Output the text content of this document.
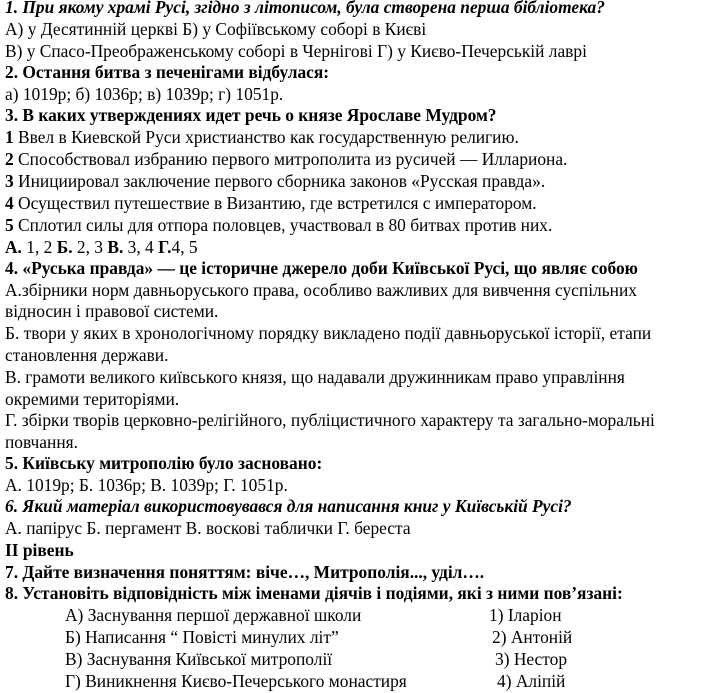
1. При якому храмі Русі, згідно з літописом, була створена перша бібліотека?
А) у Десятинній церкві Б) у Софіївському соборі в Києві
В) у Спасо-Преображенському соборі в Чернігові Г) у Києво-Печерській лаврі
2. Остання битва з печенігами відбулася:
а) 1019р; б) 1036р; в) 1039р; г) 1051р.
3. В каких утверждениях идет речь о князе Ярославе Мудром?
1 Ввел в Киевской Руси христианство как государственную религию.
2 Способствовал избранию первого митрополита из русичей — Иллариона.
3 Инициировал заключение первого сборника законов «Русская правда».
4 Осуществил путешествие в Византию, где встретился с императором.
5 Сплотил силы для отпора половцев, участвовал в 80 битвах против них.
А. 1, 2 Б. 2, 3 В. 3, 4 Г.4, 5
4. «Руська правда» — це історичне джерело доби Київської Русі, що являє собою
А.збірники норм давньоруського права, особливо важливих для вивчення суспільних
відносин і правової системи.
Б. твори у яких в хронологічному порядку викладено події давньоруської історії, етапи
становлення держави.
В. грамоти великого київського князя, що надавали дружинникам право управління
окремими територіями.
Г. збірки творів церковно-релігійного, публіцистичного характеру та загально-моральні
повчання.
5. Київську митрополію було засновано:
А. 1019р; Б. 1036р; В. 1039р; Г. 1051р.
6. Який матеріал використовувався для написання книг у Київській Русі?
А. папірус Б. пергамент В. воскові таблички Г. береста
ІІ рівень
7. Дайте визначення поняттям: віче…, Митрополія..., уділ….
8. Установіть відповідність між іменами діячів і подіями, які з ними пов’язані:
А) Заснування першої державної школи
Б) Написання “ Повісті минулих літ”
В) Заснування Київської митрополії
Г) Виникнення Києво-Печерського монастиря
1) Іларіон
2) Антоній
3) Нестор
4) Алiпiй
